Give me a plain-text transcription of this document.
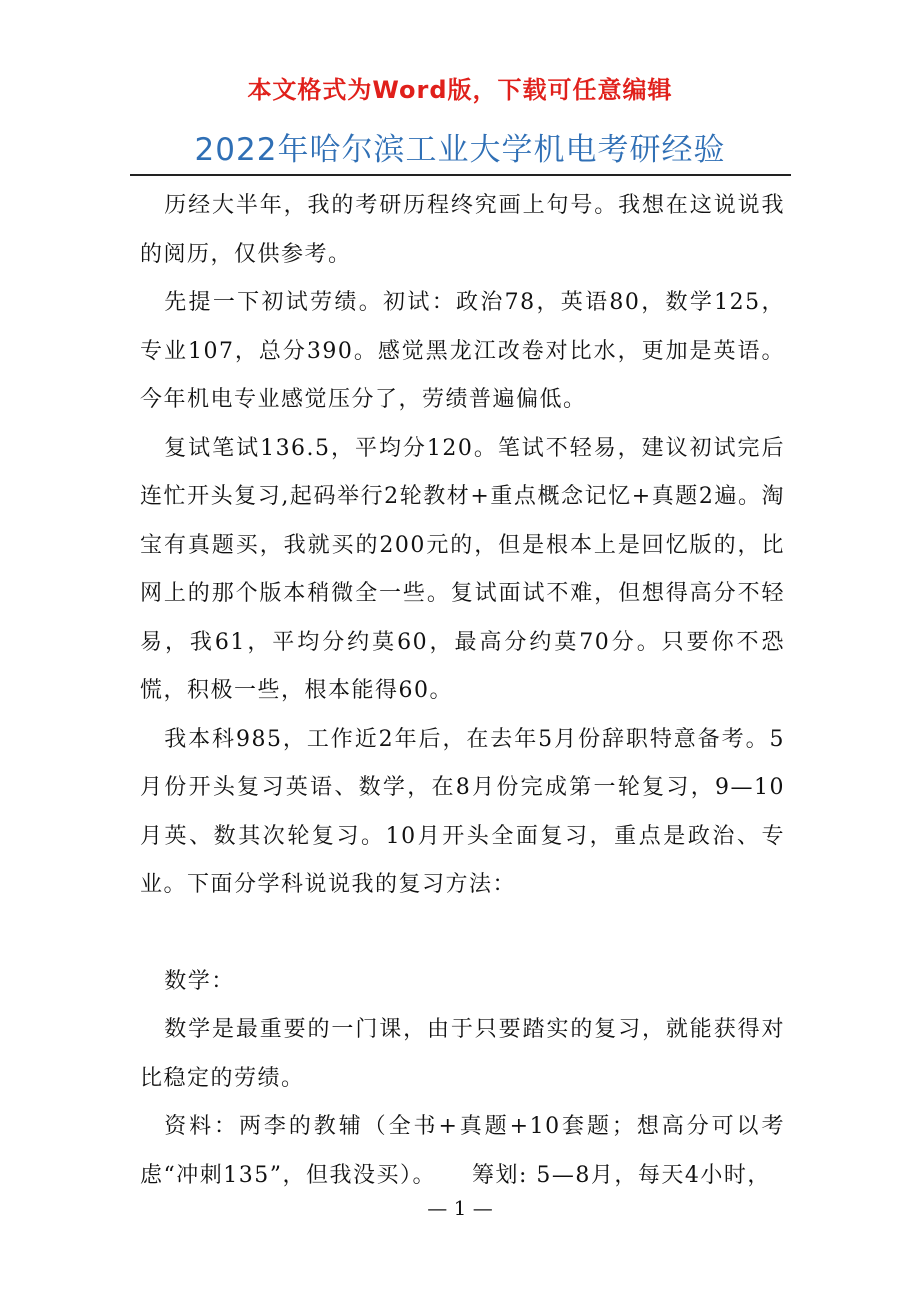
本文格式为Word版，下载可任意编辑
2022年哈尔滨工业大学机电考研经验

历经大半年，我的考研历程终究画上句号。我想在这说说我的阅历，仅供参考。

先提一下初试劳绩。初试：政治78，英语80，数学125，专业107，总分390。感觉黑龙江改卷对比水，更加是英语。今年机电专业感觉压分了，劳绩普遍偏低。

复试笔试136.5，平均分120。笔试不轻易，建议初试完后连忙开头复习,起码举行2轮教材+重点概念记忆+真题2遍。淘宝有真题买，我就买的200元的，但是根本上是回忆版的，比网上的那个版本稍微全一些。复试面试不难，但想得高分不轻易，我61，平均分约莫60，最高分约莫70分。只要你不恐慌，积极一些，根本能得60。

我本科985，工作近2年后，在去年5月份辞职特意备考。5月份开头复习英语、数学，在8月份完成第一轮复习，9—10月英、数其次轮复习。10月开头全面复习，重点是政治、专业。下面分学科说说我的复习方法：

数学：

数学是最重要的一门课，由于只要踏实的复习，就能获得对比稳定的劳绩。

资料：两李的教辅（全书+真题+10套题；想高分可以考虑“冲刺135”，但我没买）。　　筹划: 5—8月，每天4小时，

— 1 —
